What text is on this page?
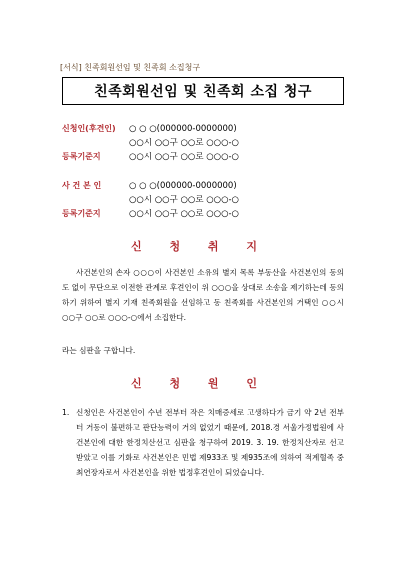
[서식] 친족회원선임 및 친족회 소집청구
친족회원선임 및 친족회 소집 청구
신청인(후견인)	○ ○ ○(000000-0000000)
○○시 ○○구 ○○로 ○○○-○
등록기준지	○○시 ○○구 ○○로 ○○○-○
사 건 본 인	○ ○ ○(000000-0000000)
○○시 ○○구 ○○로 ○○○-○
등록기준지	○○시 ○○구 ○○로 ○○○-○
신 청 취 지
사건본인의 손자 ○○○이 사건본인 소유의 별지 목록 부동산을 사건본인의 동의도 없이 무단으로 이전한 관계로 후견인이 위 ○○○을 상대로 소송을 제기하는데 동의하기 위하여 별지 기재 친족회원을 선임하고 동 친족회를 사건본인의 거택인 ○○시 ○○구 ○○로 ○○○-○에서 소집한다.
라는 심판을 구합니다.
신 청 원 인
1. 신청인은 사건본인이 수년 전부터 작은 치매증세로 고생하다가 금기 약 2년 전부터 거동이 불편하고 판단능력이 거의 없었기 때문에, 2018.경 서울가정법원에 사건본인에 대한 한정치산선고 심판을 청구하여 2019. 3. 19. 한정치산자로 선고받았고 이를 기화로 사건본인은 민법 제933조 및 제935조에 의하여 적계혈족 중 최연장자로서 사건본인을 위한 법정후견인이 되었습니다.
